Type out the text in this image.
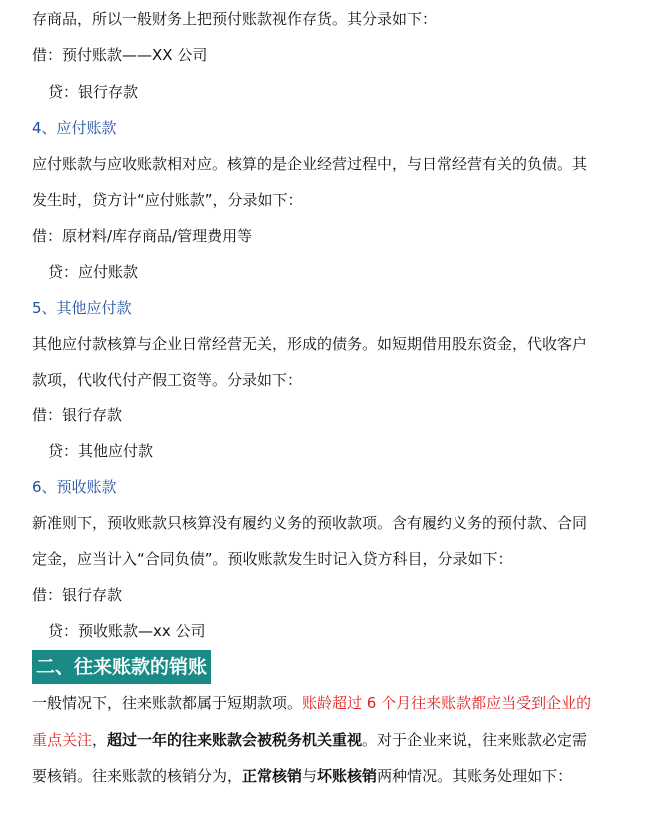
存商品，所以一般财务上把预付账款视作存货。其分录如下：
借：预付账款——XX 公司
贷：银行存款
4、应付账款
应付账款与应收账款相对应。核算的是企业经营过程中，与日常经营有关的负债。其
发生时，贷方计“应付账款”，分录如下：
借：原材料/库存商品/管理费用等
贷：应付账款
5、其他应付款
其他应付款核算与企业日常经营无关，形成的债务。如短期借用股东资金，代收客户
款项，代收代付产假工资等。分录如下：
借：银行存款
贷：其他应付款
6、预收账款
新准则下，预收账款只核算没有履约义务的预收款项。含有履约义务的预付款、合同
定金，应当计入“合同负债”。预收账款发生时记入贷方科目，分录如下：
借：银行存款
贷：预收账款—xx 公司
二、往来账款的销账
一般情况下，往来账款都属于短期款项。账龄超过 6 个月往来账款都应当受到企业的
重点关注，超过一年的往来账款会被税务机关重视。对于企业来说，往来账款必定需
要核销。往来账款的核销分为，正常核销与坏账核销两种情况。其账务处理如下：
